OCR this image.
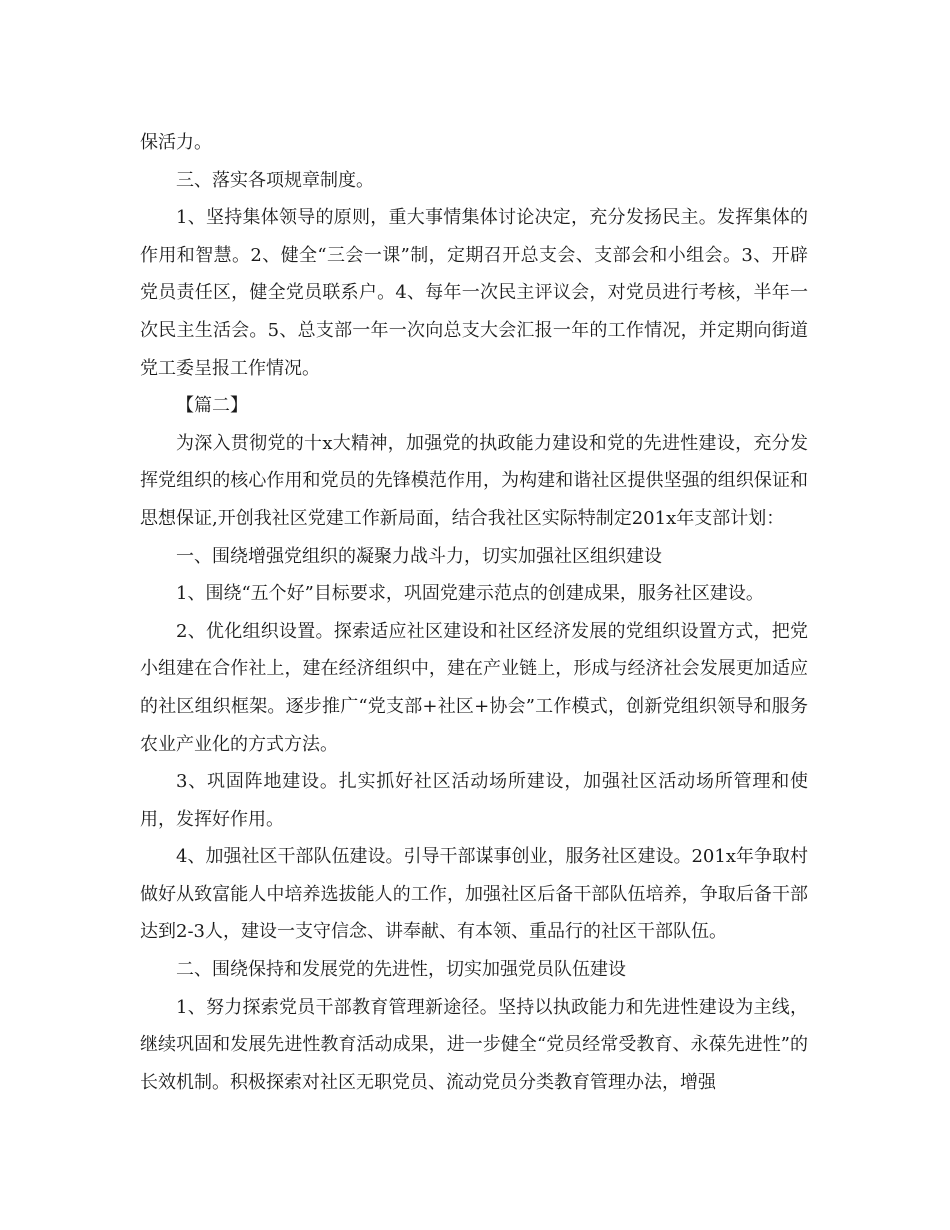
保活力。

三、落实各项规章制度。

1、坚持集体领导的原则，重大事情集体讨论决定，充分发扬民主。发挥集体的作用和智慧。2、健全“三会一课”制，定期召开总支会、支部会和小组会。3、开辟党员责任区，健全党员联系户。4、每年一次民主评议会，对党员进行考核，半年一次民主生活会。5、总支部一年一次向总支大会汇报一年的工作情况，并定期向街道党工委呈报工作情况。

【篇二】

为深入贯彻党的十x大精神，加强党的执政能力建设和党的先进性建设，充分发挥党组织的核心作用和党员的先锋模范作用，为构建和谐社区提供坚强的组织保证和思想保证,开创我社区党建工作新局面，结合我社区实际特制定201x年支部计划：

一、围绕增强党组织的凝聚力战斗力，切实加强社区组织建设

1、围绕“五个好”目标要求，巩固党建示范点的创建成果，服务社区建设。

2、优化组织设置。探索适应社区建设和社区经济发展的党组织设置方式，把党小组建在合作社上，建在经济组织中，建在产业链上，形成与经济社会发展更加适应的社区组织框架。逐步推广“党支部+社区+协会”工作模式，创新党组织领导和服务农业产业化的方式方法。

3、巩固阵地建设。扎实抓好社区活动场所建设，加强社区活动场所管理和使用，发挥好作用。

4、加强社区干部队伍建设。引导干部谋事创业，服务社区建设。201x年争取村做好从致富能人中培养选拔能人的工作，加强社区后备干部队伍培养，争取后备干部达到2-3人，建设一支守信念、讲奉献、有本领、重品行的社区干部队伍。

二、围绕保持和发展党的先进性，切实加强党员队伍建设

1、努力探索党员干部教育管理新途径。坚持以执政能力和先进性建设为主线，继续巩固和发展先进性教育活动成果，进一步健全“党员经常受教育、永葆先进性”的长效机制。积极探索对社区无职党员、流动党员分类教育管理办法，增强
